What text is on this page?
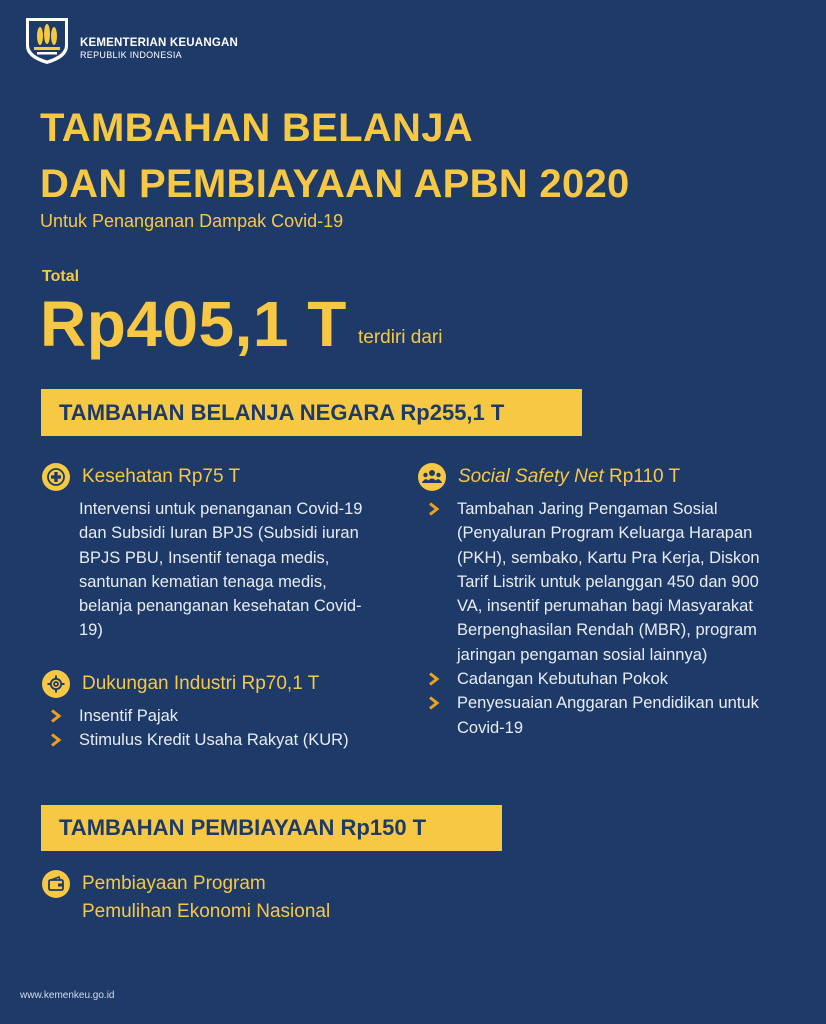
KEMENTERIAN KEUANGAN
REPUBLIK INDONESIA
TAMBAHAN BELANJA
DAN PEMBIAYAAN APBN 2020
Untuk Penanganan Dampak Covid-19
Total
Rp405,1 T terdiri dari
TAMBAHAN BELANJA NEGARA Rp255,1 T
Kesehatan Rp75 T
Intervensi untuk penanganan Covid-19 dan Subsidi Iuran BPJS (Subsidi iuran BPJS PBU, Insentif tenaga medis, santunan kematian tenaga medis, belanja penanganan kesehatan Covid-19)
Dukungan Industri Rp70,1 T
Insentif Pajak
Stimulus Kredit Usaha Rakyat (KUR)
Social Safety Net Rp110 T
Tambahan Jaring Pengaman Sosial (Penyaluran Program Keluarga Harapan (PKH), sembako, Kartu Pra Kerja, Diskon Tarif Listrik untuk pelanggan 450 dan 900 VA, insentif perumahan bagi Masyarakat Berpenghasilan Rendah (MBR), program jaringan pengaman sosial lainnya)
Cadangan Kebutuhan Pokok
Penyesuaian Anggaran Pendidikan untuk Covid-19
TAMBAHAN PEMBIAYAAN Rp150 T
Pembiayaan Program
Pemulihan Ekonomi Nasional
www.kemenkeu.go.id
